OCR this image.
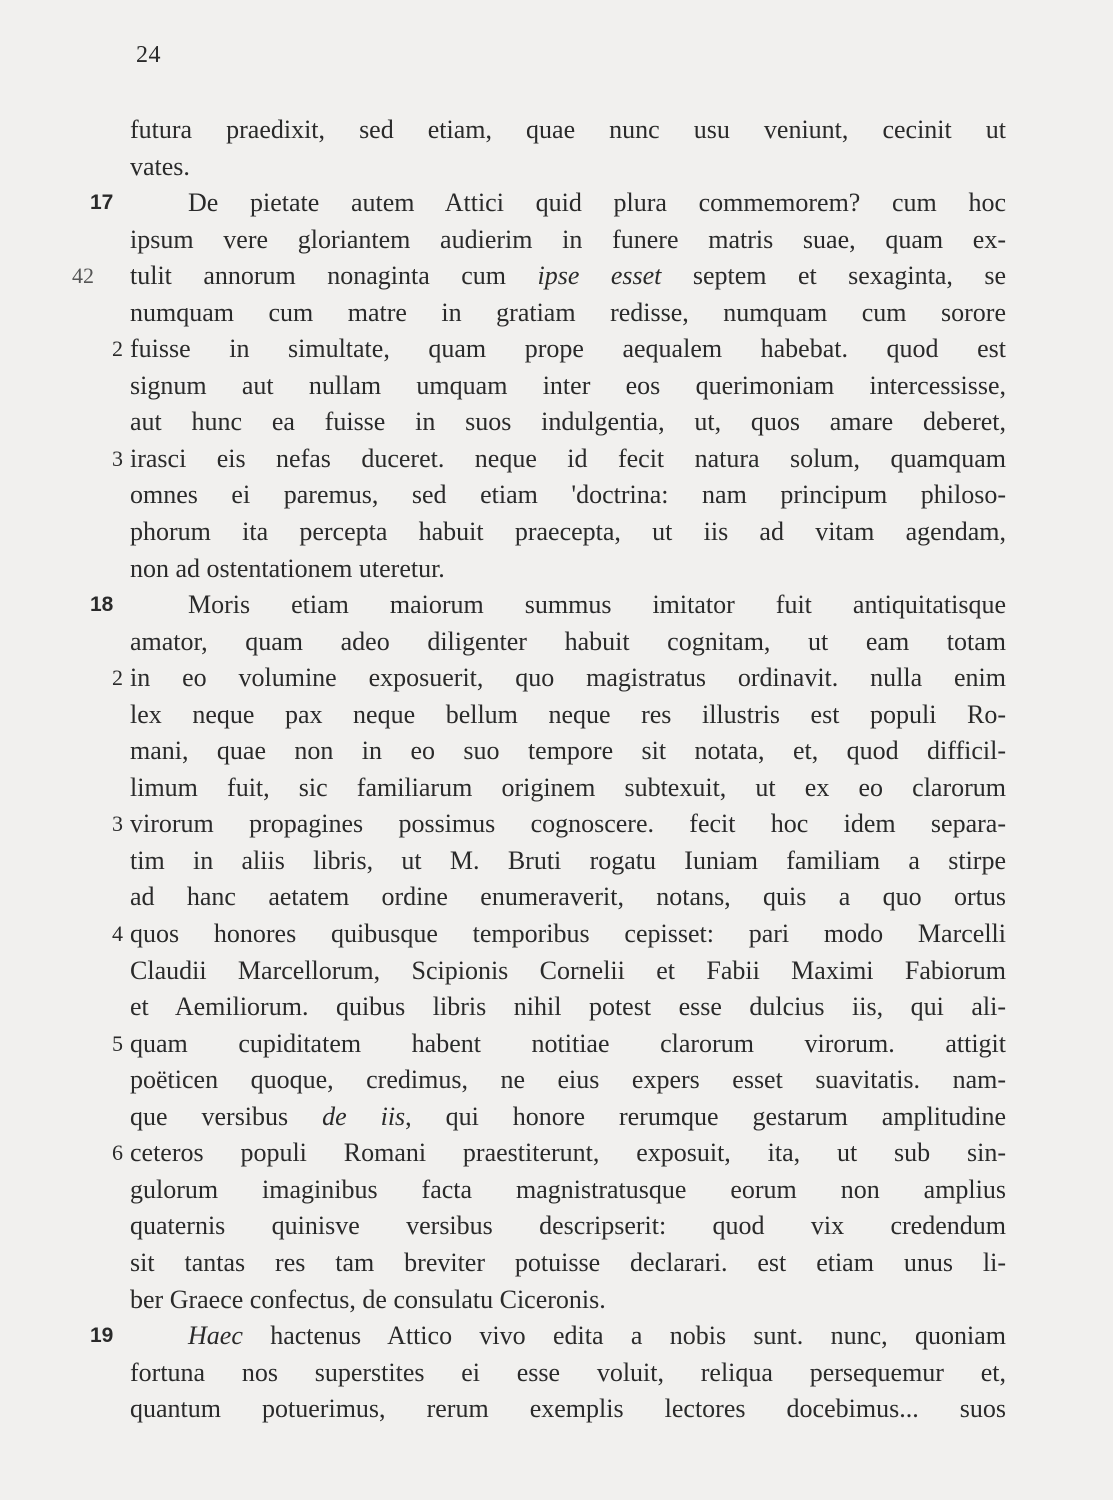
24
futura praedixit, sed etiam, quae nunc usu veniunt, cecinit ut
vates.
17	De pietate autem Attici quid plura commemorem? cum hoc
ipsum vere gloriantem audierim in funere matris suae, quam ex-
42 tulit annorum nonaginta cum ipse esset septem et sexaginta, se
numquam cum matre in gratiam redisse, numquam cum sorore
2 fuisse in simultate, quam prope aequalem habebat. quod est
signum aut nullam umquam inter eos querimoniam intercessisse,
aut hunc ea fuisse in suos indulgentia, ut, quos amare deberet,
3 irasci eis nefas duceret. neque id fecit natura solum, quamquam
omnes ei paremus, sed etiam 'doctrina: nam principum philoso-
phorum ita percepta habuit praecepta, ut iis ad vitam agendam,
non ad ostentationem uteretur.
18	Moris etiam maiorum summus imitator fuit antiquitatisque
amator, quam adeo diligenter habuit cognitam, ut eam totam
2 in eo volumine exposuerit, quo magistratus ordinavit. nulla enim
lex neque pax neque bellum neque res illustris est populi Ro-
mani, quae non in eo suo tempore sit notata, et, quod difficil-
limum fuit, sic familiarum originem subtexuit, ut ex eo clarorum
3 virorum propagines possimus cognoscere. fecit hoc idem separa-
tim in aliis libris, ut M. Bruti rogatu Iuniam familiam a stirpe
ad hanc aetatem ordine enumeraverit, notans, quis a quo ortus
4 quos honores quibusque temporibus cepisset: pari modo Marcelli
Claudii Marcellorum, Scipionis Cornelii et Fabii Maximi Fabiorum
et Aemiliorum. quibus libris nihil potest esse dulcius iis, qui ali-
5 quam cupiditatem habent notitiae clarorum virorum. attigit
poëticen quoque, credimus, ne eius expers esset suavitatis. nam-
que versibus de iis, qui honore rerumque gestarum amplitudine
6 ceteros populi Romani praestiterunt, exposuit, ita, ut sub sin-
gulorum imaginibus facta magnistratusque eorum non amplius
quaternis quinisve versibus descripserit: quod vix credendum
sit tantas res tam breviter potuisse declarari. est etiam unus li-
ber Graece confectus, de consulatu Ciceronis.
19	Haec hactenus Attico vivo edita a nobis sunt. nunc, quoniam
fortuna nos superstites ei esse voluit, reliqua persequemur et,
quantum potuerimus, rerum exemplis lectores docebimus... suos
